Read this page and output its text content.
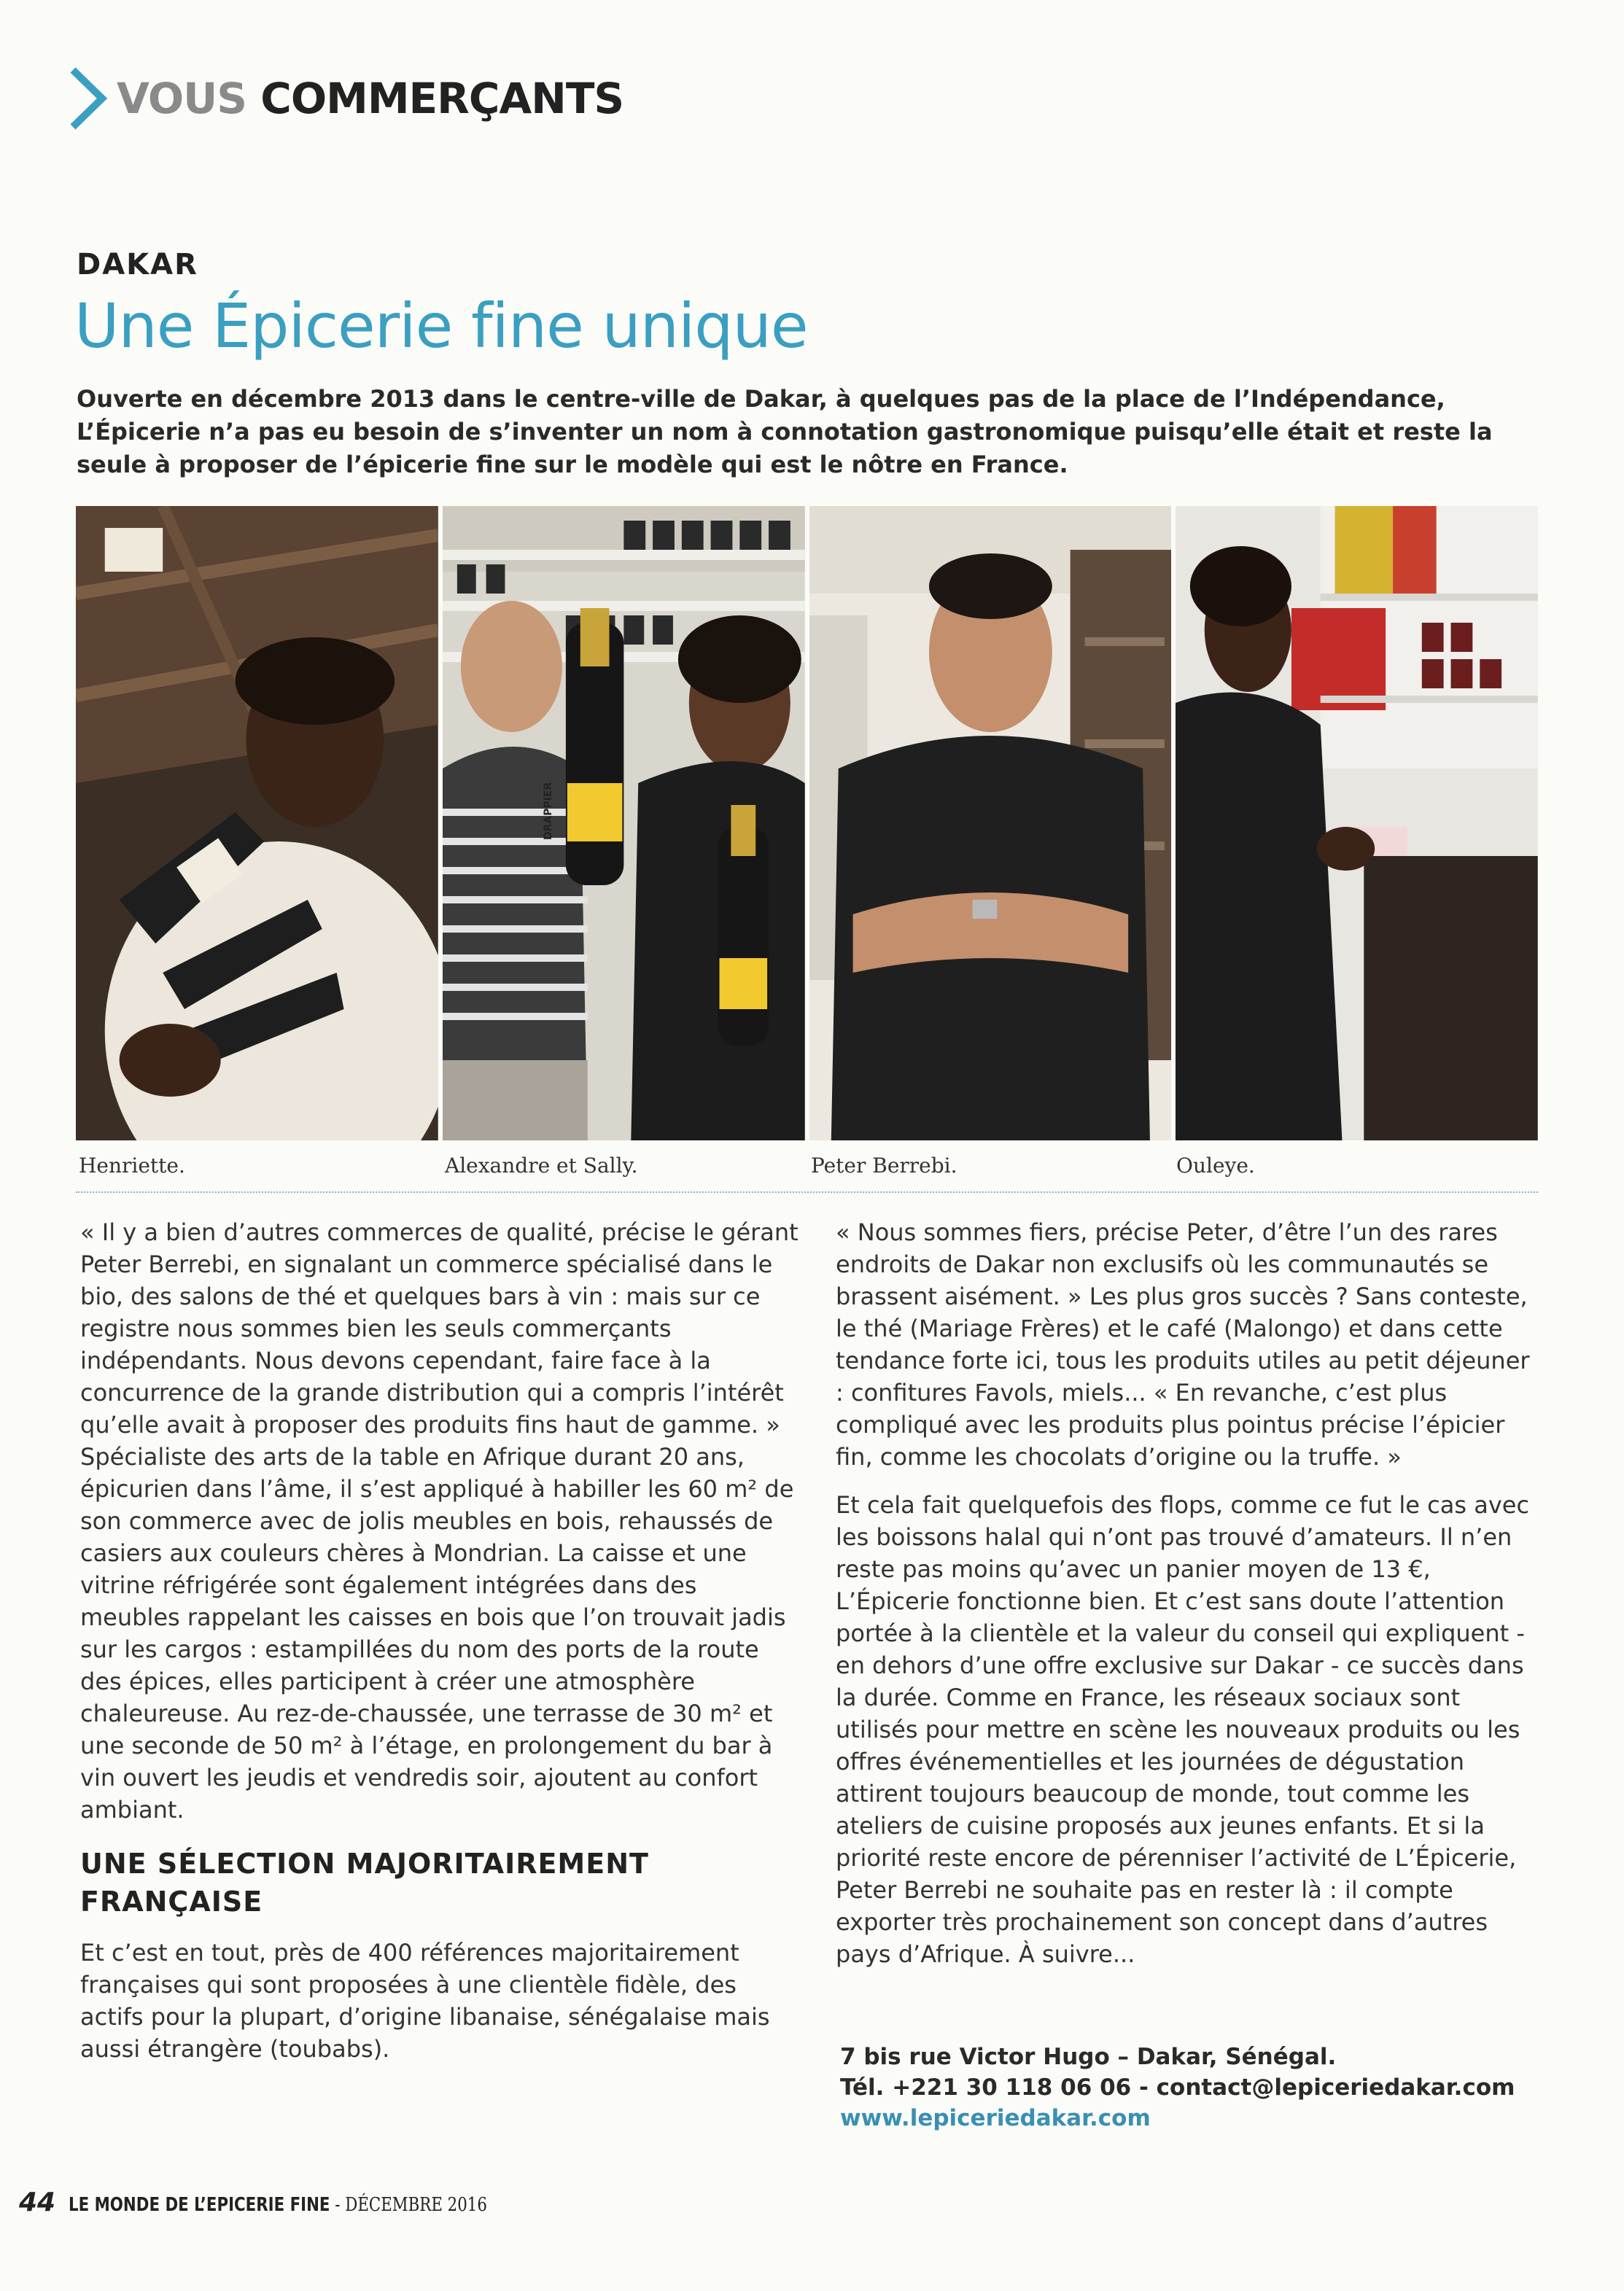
VOUS COMMERÇANTS
DAKAR
Une Épicerie fine unique
Ouverte en décembre 2013 dans le centre-ville de Dakar, à quelques pas de la place de l’Indépendance, L’Épicerie n’a pas eu besoin de s’inventer un nom à connotation gastronomique puisqu’elle était et reste la seule à proposer de l’épicerie fine sur le modèle qui est le nôtre en France.
DRAPPIER
Henriette.	Alexandre et Sally.	Peter Berrebi.	Ouleye.

« Il y a bien d’autres commerces de qualité, précise le gérant Peter Berrebi, en signalant un commerce spécialisé dans le bio, des salons de thé et quelques bars à vin : mais sur ce registre nous sommes bien les seuls commerçants indépendants. Nous devons cependant, faire face à la concurrence de la grande distribution qui a compris l’intérêt qu’elle avait à proposer des produits fins haut de gamme. » Spécialiste des arts de la table en Afrique durant 20 ans, épicurien dans l’âme, il s’est appliqué à habiller les 60 m² de son commerce avec de jolis meubles en bois, rehaussés de casiers aux couleurs chères à Mondrian. La caisse et une vitrine réfrigérée sont également intégrées dans des meubles rappelant les caisses en bois que l’on trouvait jadis sur les cargos : estampillées du nom des ports de la route des épices, elles participent à créer une atmosphère chaleureuse. Au rez-de-chaussée, une terrasse de 30 m² et une seconde de 50 m² à l’étage, en prolongement du bar à vin ouvert les jeudis et vendredis soir, ajoutent au confort ambiant.

UNE SÉLECTION MAJORITAIREMENT FRANÇAISE

Et c’est en tout, près de 400 références majoritairement françaises qui sont proposées à une clientèle fidèle, des actifs pour la plupart, d’origine libanaise, sénégalaise mais aussi étrangère (toubabs).

« Nous sommes fiers, précise Peter, d’être l’un des rares endroits de Dakar non exclusifs où les communautés se brassent aisément. » Les plus gros succès ? Sans conteste, le thé (Mariage Frères) et le café (Malongo) et dans cette tendance forte ici, tous les produits utiles au petit déjeuner : confitures Favols, miels... « En revanche, c’est plus compliqué avec les produits plus pointus précise l’épicier fin, comme les chocolats d’origine ou la truffe. »

Et cela fait quelquefois des flops, comme ce fut le cas avec les boissons halal qui n’ont pas trouvé d’amateurs. Il n’en reste pas moins qu’avec un panier moyen de 13 €, L’Épicerie fonctionne bien. Et c’est sans doute l’attention portée à la clientèle et la valeur du conseil qui expliquent - en dehors d’une offre exclusive sur Dakar - ce succès dans la durée. Comme en France, les réseaux sociaux sont utilisés pour mettre en scène les nouveaux produits ou les offres événementielles et les journées de dégustation attirent toujours beaucoup de monde, tout comme les ateliers de cuisine proposés aux jeunes enfants. Et si la priorité reste encore de pérenniser l’activité de L’Épicerie, Peter Berrebi ne souhaite pas en rester là : il compte exporter très prochainement son concept dans d’autres pays d’Afrique. À suivre...

7 bis rue Victor Hugo – Dakar, Sénégal.
Tél. +221 30 118 06 06 - contact@lepiceriedakar.com
www.lepiceriedakar.com
44 LE MONDE DE L’EPICERIE FINE - DÉCEMBRE 2016
